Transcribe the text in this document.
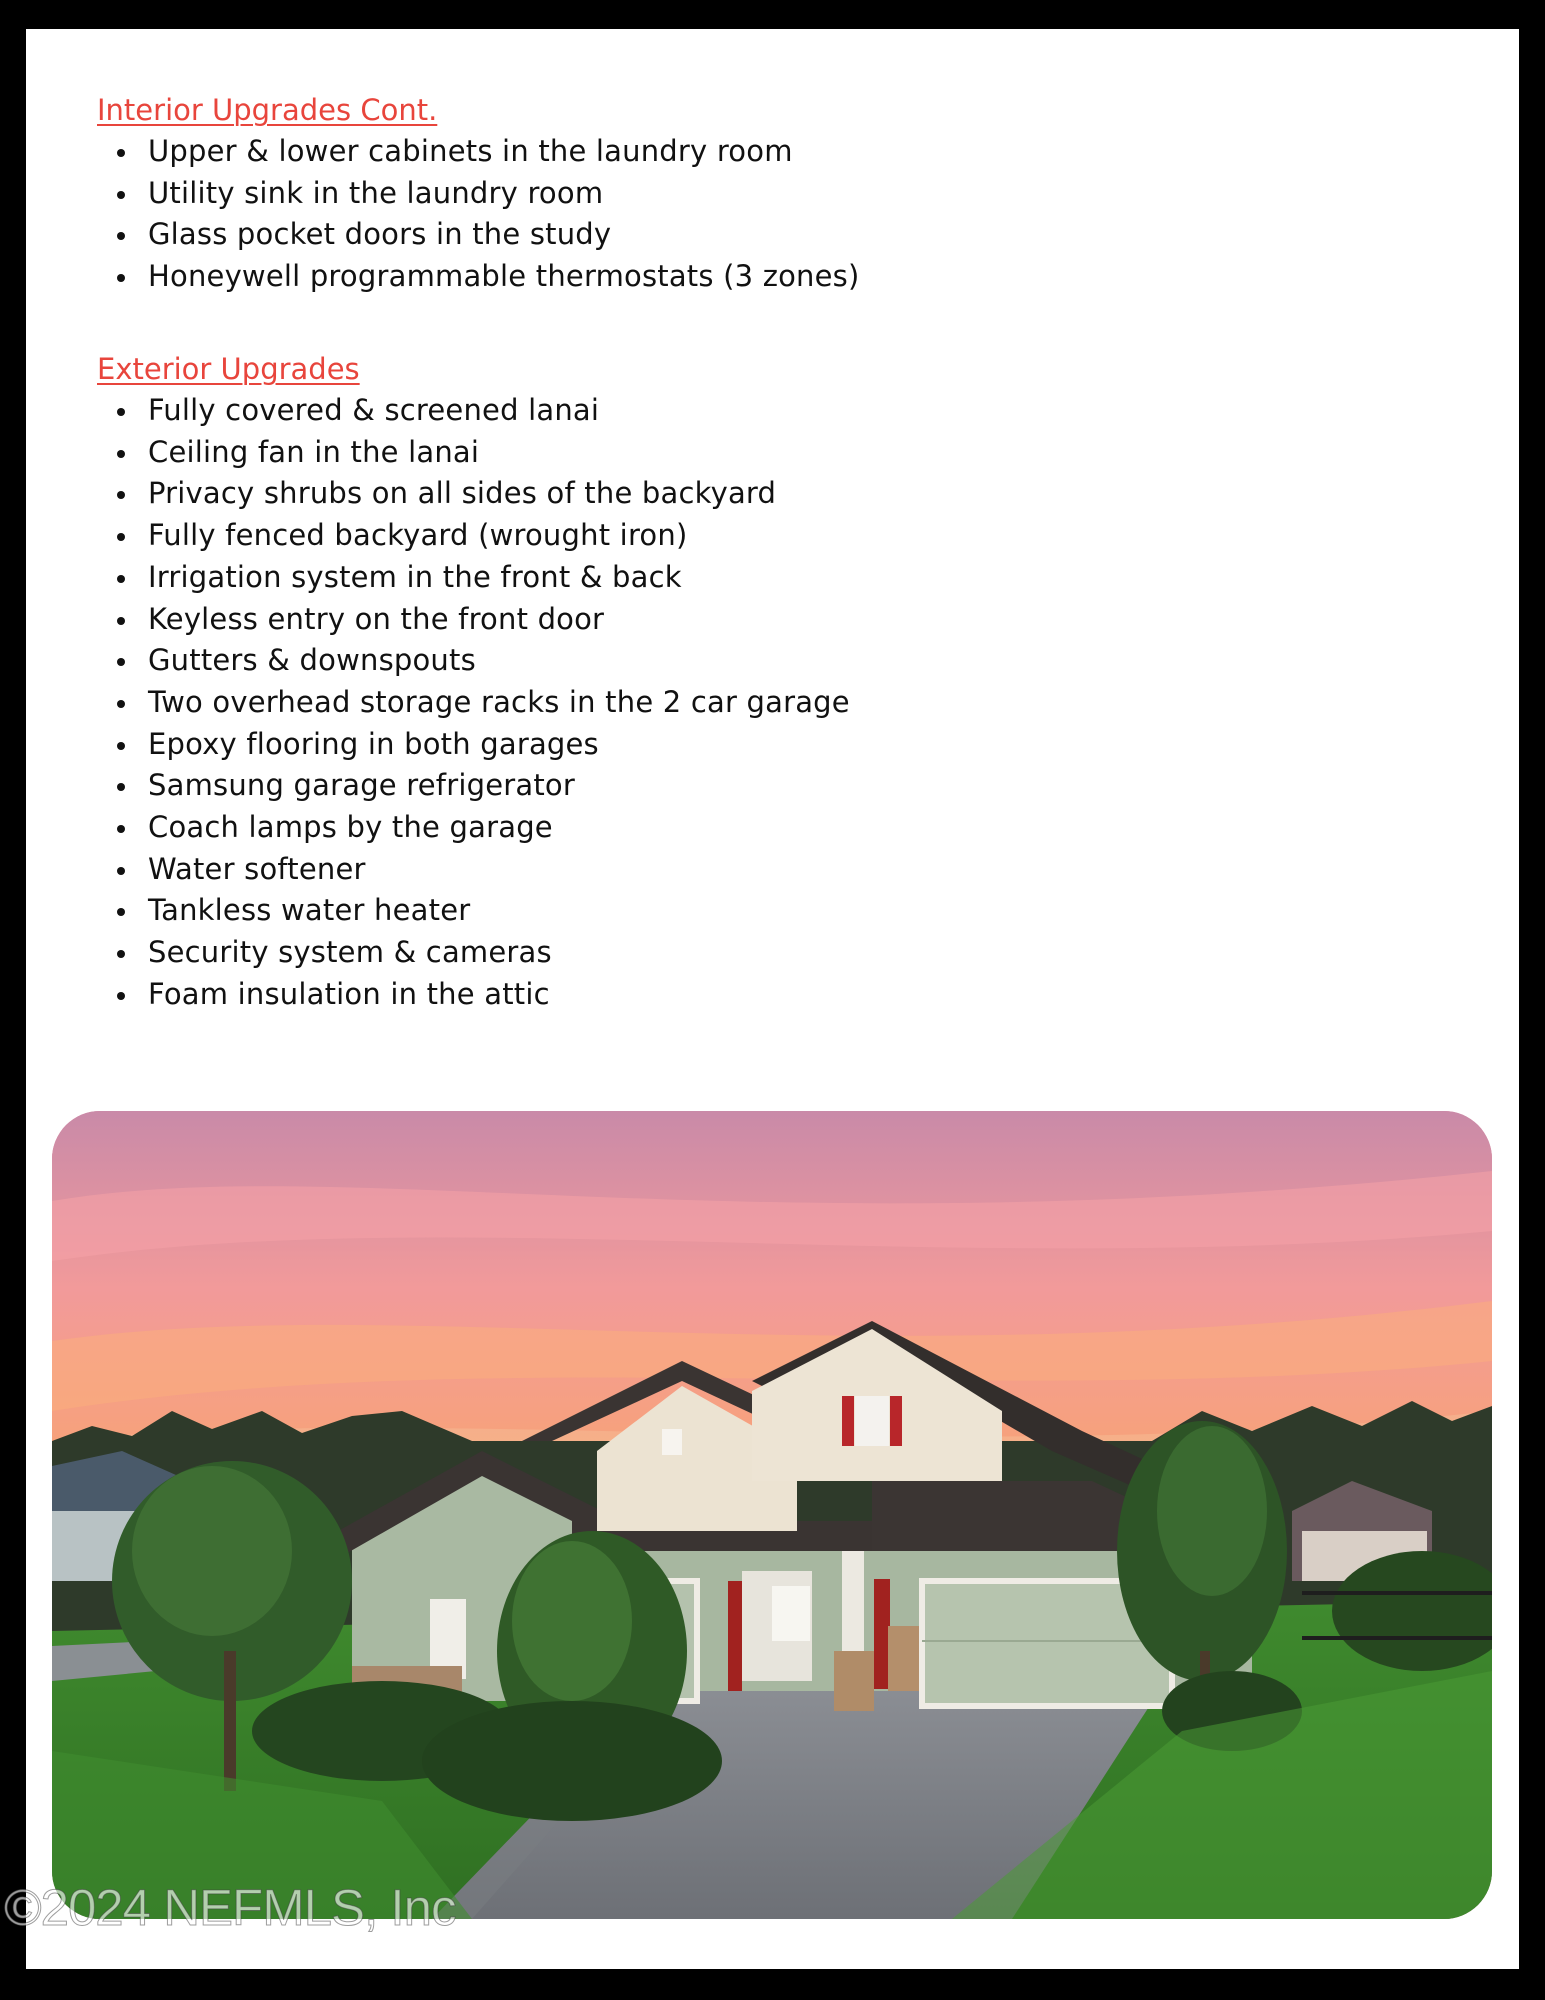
Interior Upgrades Cont.
Upper & lower cabinets in the laundry room
Utility sink in the laundry room
Glass pocket doors in the study
Honeywell programmable thermostats (3 zones)
Exterior Upgrades
Fully covered & screened lanai
Ceiling fan in the lanai
Privacy shrubs on all sides of the backyard
Fully fenced backyard (wrought iron)
Irrigation system in the front & back
Keyless entry on the front door
Gutters & downspouts
Two overhead storage racks in the 2 car garage
Epoxy flooring in both garages
Samsung garage refrigerator
Coach lamps by the garage
Water softener
Tankless water heater
Security system & cameras
Foam insulation in the attic
©2024 NEFMLS, Inc
